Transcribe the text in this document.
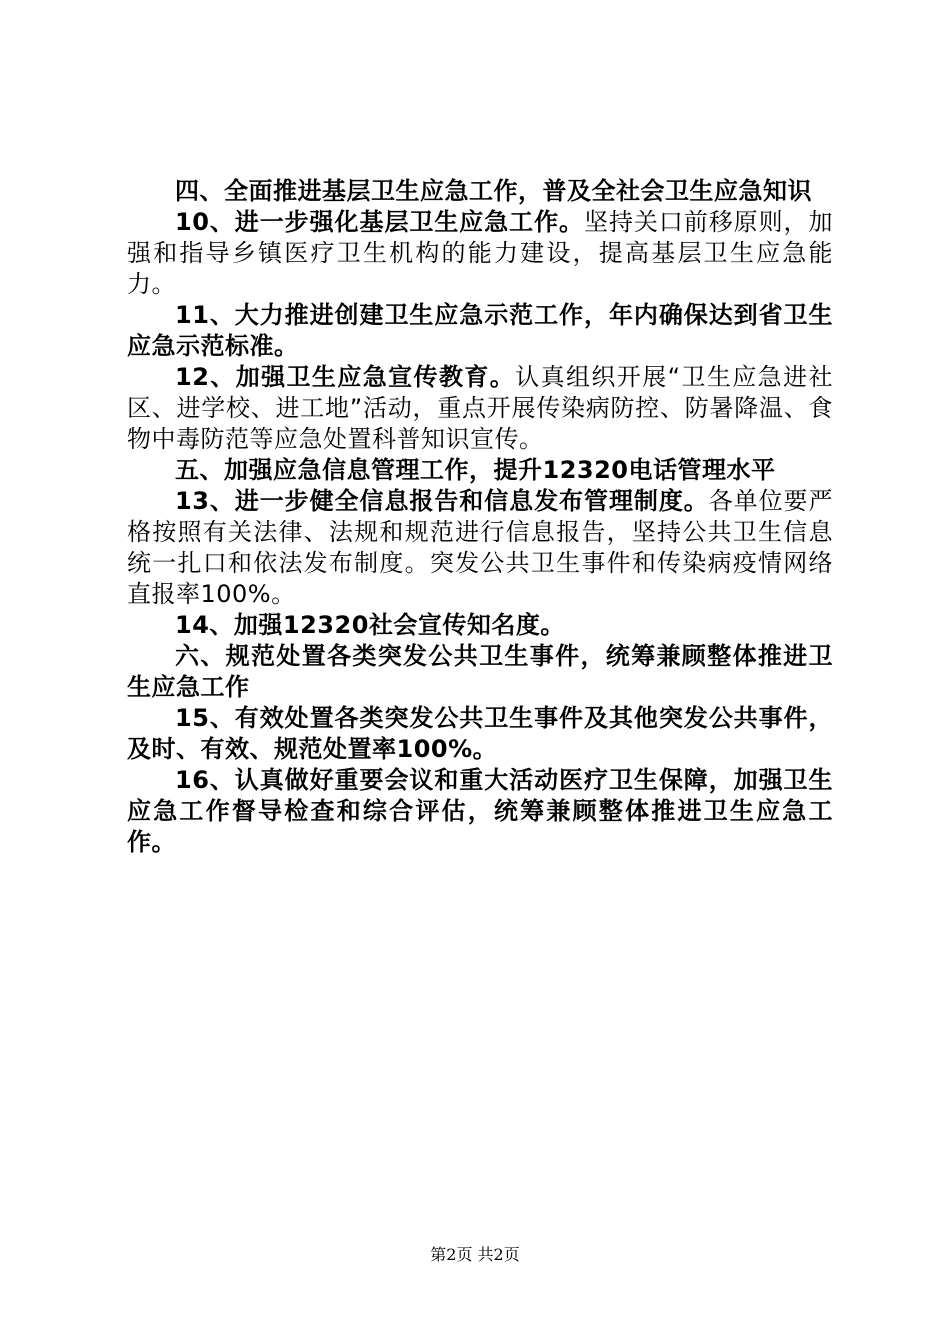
四、全面推进基层卫生应急工作，普及全社会卫生应急知识

10、进一步强化基层卫生应急工作。坚持关口前移原则，加强和指导乡镇医疗卫生机构的能力建设，提高基层卫生应急能力。

11、大力推进创建卫生应急示范工作，年内确保达到省卫生应急示范标准。

12、加强卫生应急宣传教育。认真组织开展“卫生应急进社区、进学校、进工地”活动，重点开展传染病防控、防暑降温、食物中毒防范等应急处置科普知识宣传。

五、加强应急信息管理工作，提升12320电话管理水平

13、进一步健全信息报告和信息发布管理制度。各单位要严格按照有关法律、法规和规范进行信息报告，坚持公共卫生信息统一扎口和依法发布制度。突发公共卫生事件和传染病疫情网络直报率100%。

14、加强12320社会宣传知名度。

六、规范处置各类突发公共卫生事件，统筹兼顾整体推进卫生应急工作

15、有效处置各类突发公共卫生事件及其他突发公共事件，及时、有效、规范处置率100%。

16、认真做好重要会议和重大活动医疗卫生保障，加强卫生应急工作督导检查和综合评估，统筹兼顾整体推进卫生应急工作。

第2页 共2页
